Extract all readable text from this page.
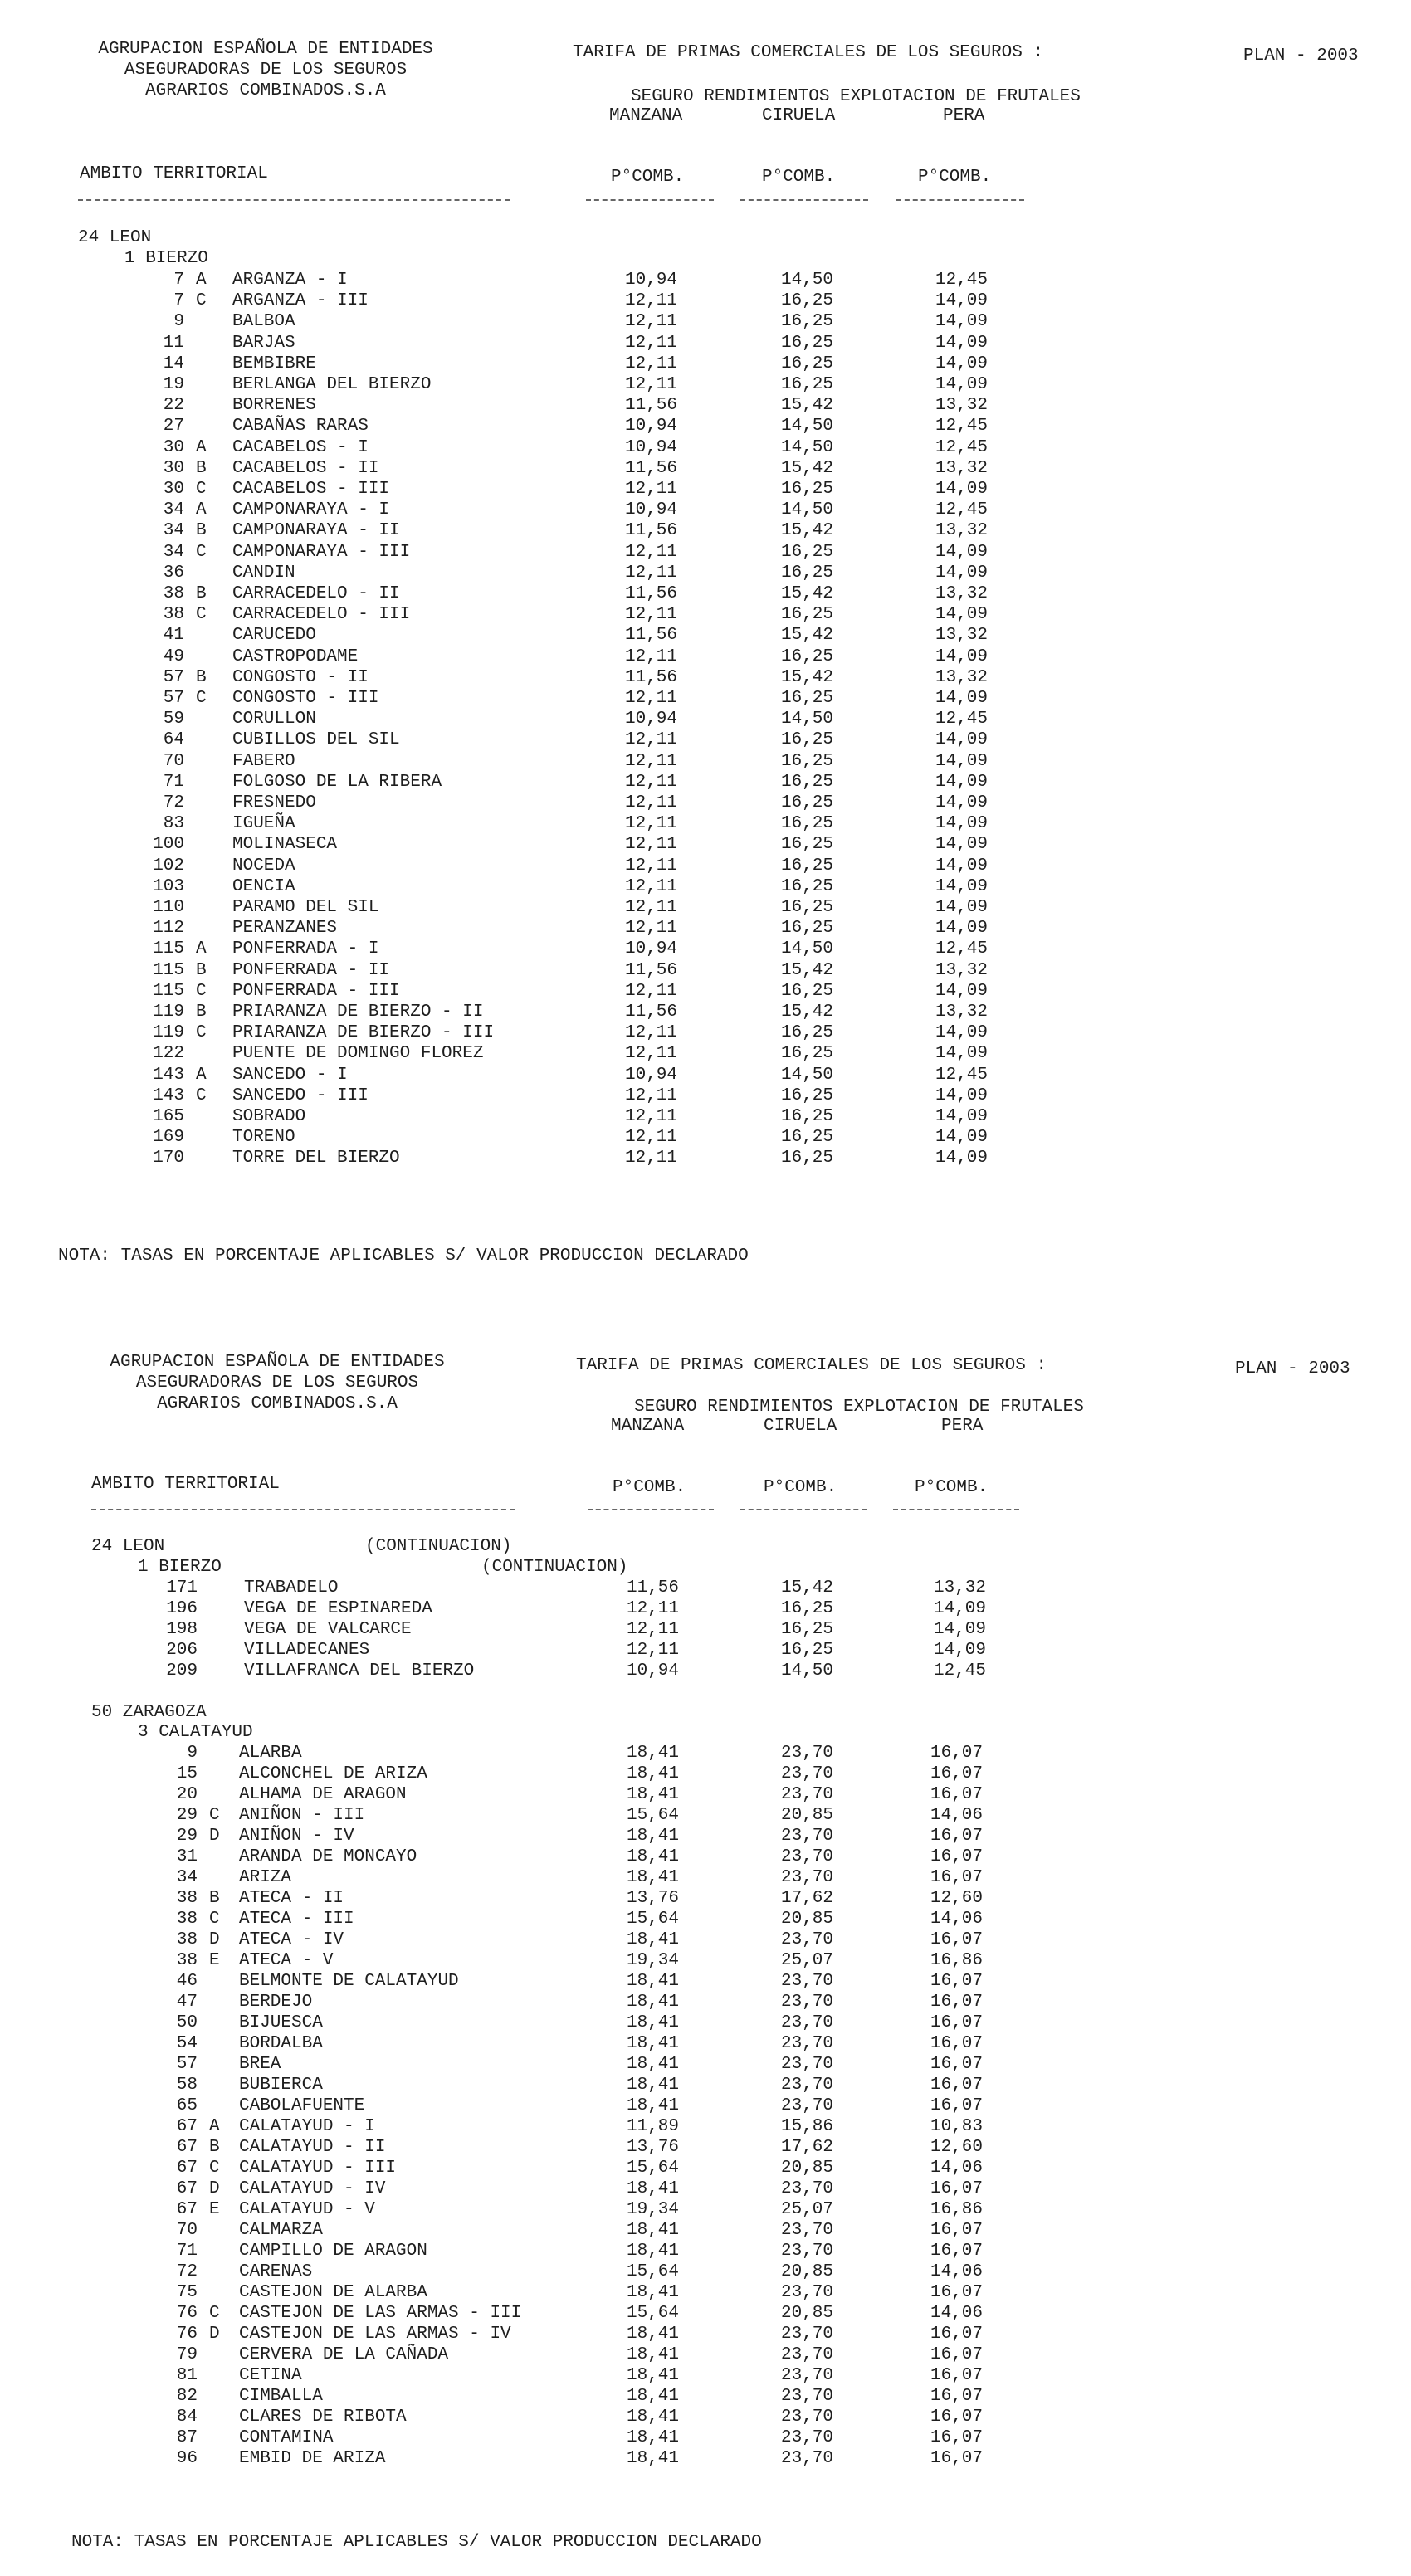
AGRUPACION ESPAÑOLA DE ENTIDADES
ASEGURADORAS DE LOS SEGUROS
AGRARIOS COMBINADOS.S.A
TARIFA DE PRIMAS COMERCIALES DE LOS SEGUROS :
SEGURO RENDIMIENTOS EXPLOTACION DE FRUTALES
PLAN - 2003
MANZANA	CIRUELA	PERA
AMBITO TERRITORIAL	P°COMB.	P°COMB.	P°COMB.
24 LEON
1 BIERZO
7 A	ARGANZA - I	10,94	14,50	12,45
7 C	ARGANZA - III	12,11	16,25	14,09
9	BALBOA	12,11	16,25	14,09
11	BARJAS	12,11	16,25	14,09
14	BEMBIBRE	12,11	16,25	14,09
19	BERLANGA DEL BIERZO	12,11	16,25	14,09
22	BORRENES	11,56	15,42	13,32
27	CABAÑAS RARAS	10,94	14,50	12,45
30 A	CACABELOS - I	10,94	14,50	12,45
30 B	CACABELOS - II	11,56	15,42	13,32
30 C	CACABELOS - III	12,11	16,25	14,09
34 A	CAMPONARAYA - I	10,94	14,50	12,45
34 B	CAMPONARAYA - II	11,56	15,42	13,32
34 C	CAMPONARAYA - III	12,11	16,25	14,09
36	CANDIN	12,11	16,25	14,09
38 B	CARRACEDELO - II	11,56	15,42	13,32
38 C	CARRACEDELO - III	12,11	16,25	14,09
41	CARUCEDO	11,56	15,42	13,32
49	CASTROPODAME	12,11	16,25	14,09
57 B	CONGOSTO - II	11,56	15,42	13,32
57 C	CONGOSTO - III	12,11	16,25	14,09
59	CORULLON	10,94	14,50	12,45
64	CUBILLOS DEL SIL	12,11	16,25	14,09
70	FABERO	12,11	16,25	14,09
71	FOLGOSO DE LA RIBERA	12,11	16,25	14,09
72	FRESNEDO	12,11	16,25	14,09
83	IGUEÑA	12,11	16,25	14,09
100	MOLINASECA	12,11	16,25	14,09
102	NOCEDA	12,11	16,25	14,09
103	OENCIA	12,11	16,25	14,09
110	PARAMO DEL SIL	12,11	16,25	14,09
112	PERANZANES	12,11	16,25	14,09
115 A	PONFERRADA - I	10,94	14,50	12,45
115 B	PONFERRADA - II	11,56	15,42	13,32
115 C	PONFERRADA - III	12,11	16,25	14,09
119 B	PRIARANZA DE BIERZO - II	11,56	15,42	13,32
119 C	PRIARANZA DE BIERZO - III	12,11	16,25	14,09
122	PUENTE DE DOMINGO FLOREZ	12,11	16,25	14,09
143 A	SANCEDO - I	10,94	14,50	12,45
143 C	SANCEDO - III	12,11	16,25	14,09
165	SOBRADO	12,11	16,25	14,09
169	TORENO	12,11	16,25	14,09
170	TORRE DEL BIERZO	12,11	16,25	14,09
NOTA: TASAS EN PORCENTAJE APLICABLES S/ VALOR PRODUCCION DECLARADO
AGRUPACION ESPAÑOLA DE ENTIDADES
ASEGURADORAS DE LOS SEGUROS
AGRARIOS COMBINADOS.S.A
TARIFA DE PRIMAS COMERCIALES DE LOS SEGUROS :
SEGURO RENDIMIENTOS EXPLOTACION DE FRUTALES
PLAN - 2003
MANZANA	CIRUELA	PERA
AMBITO TERRITORIAL	P°COMB.	P°COMB.	P°COMB.
24 LEON	(CONTINUACION)
1 BIERZO	(CONTINUACION)
171	TRABADELO	11,56	15,42	13,32
196	VEGA DE ESPINAREDA	12,11	16,25	14,09
198	VEGA DE VALCARCE	12,11	16,25	14,09
206	VILLADECANES	12,11	16,25	14,09
209	VILLAFRANCA DEL BIERZO	10,94	14,50	12,45
50 ZARAGOZA
3 CALATAYUD
9 ALARBA	18,41	23,70	16,07
15 ALCONCHEL DE ARIZA	18,41	23,70	16,07
20 ALHAMA DE ARAGON	18,41	23,70	16,07
29 C	ANIÑON - III	15,64	20,85	14,06
29 D	ANIÑON - IV	18,41	23,70	16,07
31 ARANDA DE MONCAYO	18,41	23,70	16,07
34 ARIZA	18,41	23,70	16,07
38 B	ATECA - II	13,76	17,62	12,60
38 C	ATECA - III	15,64	20,85	14,06
38 D	ATECA - IV	18,41	23,70	16,07
38 E	ATECA - V	19,34	25,07	16,86
46 BELMONTE DE CALATAYUD	18,41	23,70	16,07
47 BERDEJO	18,41	23,70	16,07
50 BIJUESCA	18,41	23,70	16,07
54 BORDALBA	18,41	23,70	16,07
57 BREA	18,41	23,70	16,07
58 BUBIERCA	18,41	23,70	16,07
65 CABOLAFUENTE	18,41	23,70	16,07
67 A	CALATAYUD - I	11,89	15,86	10,83
67 B	CALATAYUD - II	13,76	17,62	12,60
67 C	CALATAYUD - III	15,64	20,85	14,06
67 D	CALATAYUD - IV	18,41	23,70	16,07
67 E	CALATAYUD - V	19,34	25,07	16,86
70 CALMARZA	18,41	23,70	16,07
71 CAMPILLO DE ARAGON	18,41	23,70	16,07
72 CARENAS	15,64	20,85	14,06
75 CASTEJON DE ALARBA	18,41	23,70	16,07
76 C	CASTEJON DE LAS ARMAS - III	15,64	20,85	14,06
76 D	CASTEJON DE LAS ARMAS - IV	18,41	23,70	16,07
79 CERVERA DE LA CAÑADA	18,41	23,70	16,07
81 CETINA	18,41	23,70	16,07
82 CIMBALLA	18,41	23,70	16,07
84 CLARES DE RIBOTA	18,41	23,70	16,07
87 CONTAMINA	18,41	23,70	16,07
96 EMBID DE ARIZA	18,41	23,70	16,07
NOTA: TASAS EN PORCENTAJE APLICABLES S/ VALOR PRODUCCION DECLARADO
